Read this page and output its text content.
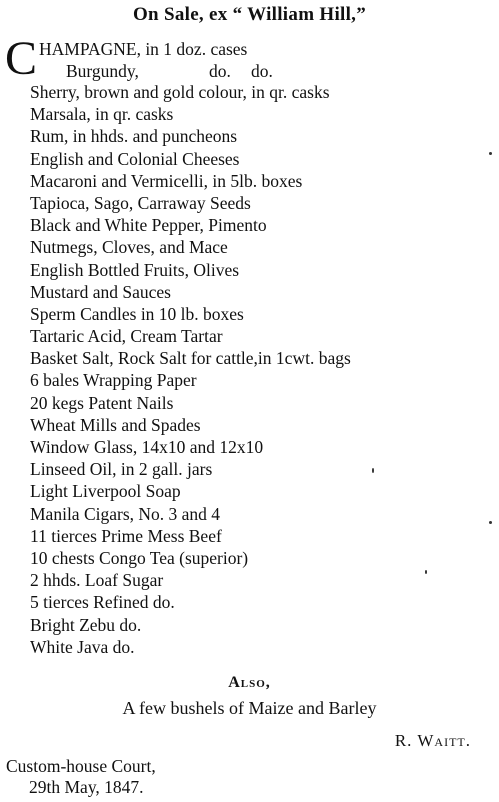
On Sale, ex “ William Hill,”
C HAMPAGNE, in 1 doz. cases
Burgundy,	do. do.
Sherry, brown and gold colour, in qr. casks
Marsala, in qr. casks
Rum, in hhds. and puncheons
English and Colonial Cheeses
Macaroni and Vermicelli, in 5lb. boxes
Tapioca, Sago, Carraway Seeds
Black and White Pepper, Pimento
Nutmegs, Cloves, and Mace
English Bottled Fruits, Olives
Mustard and Sauces
Sperm Candles in 10 lb. boxes
Tartaric Acid, Cream Tartar
Basket Salt, Rock Salt for cattle,in 1cwt. bags
6 bales Wrapping Paper
20 kegs Patent Nails
Wheat Mills and Spades
Window Glass, 14x10 and 12x10
Linseed Oil, in 2 gall. jars
Light Liverpool Soap
Manila Cigars, No. 3 and 4
11 tierces Prime Mess Beef
10 chests Congo Tea (superior)
2 hhds. Loaf Sugar
5 tierces Refined do.
Bright Zebu do.
White Java do.
Also,
A few bushels of Maize and Barley
R. Waitt.
Custom-house Court,
29th May, 1847.
